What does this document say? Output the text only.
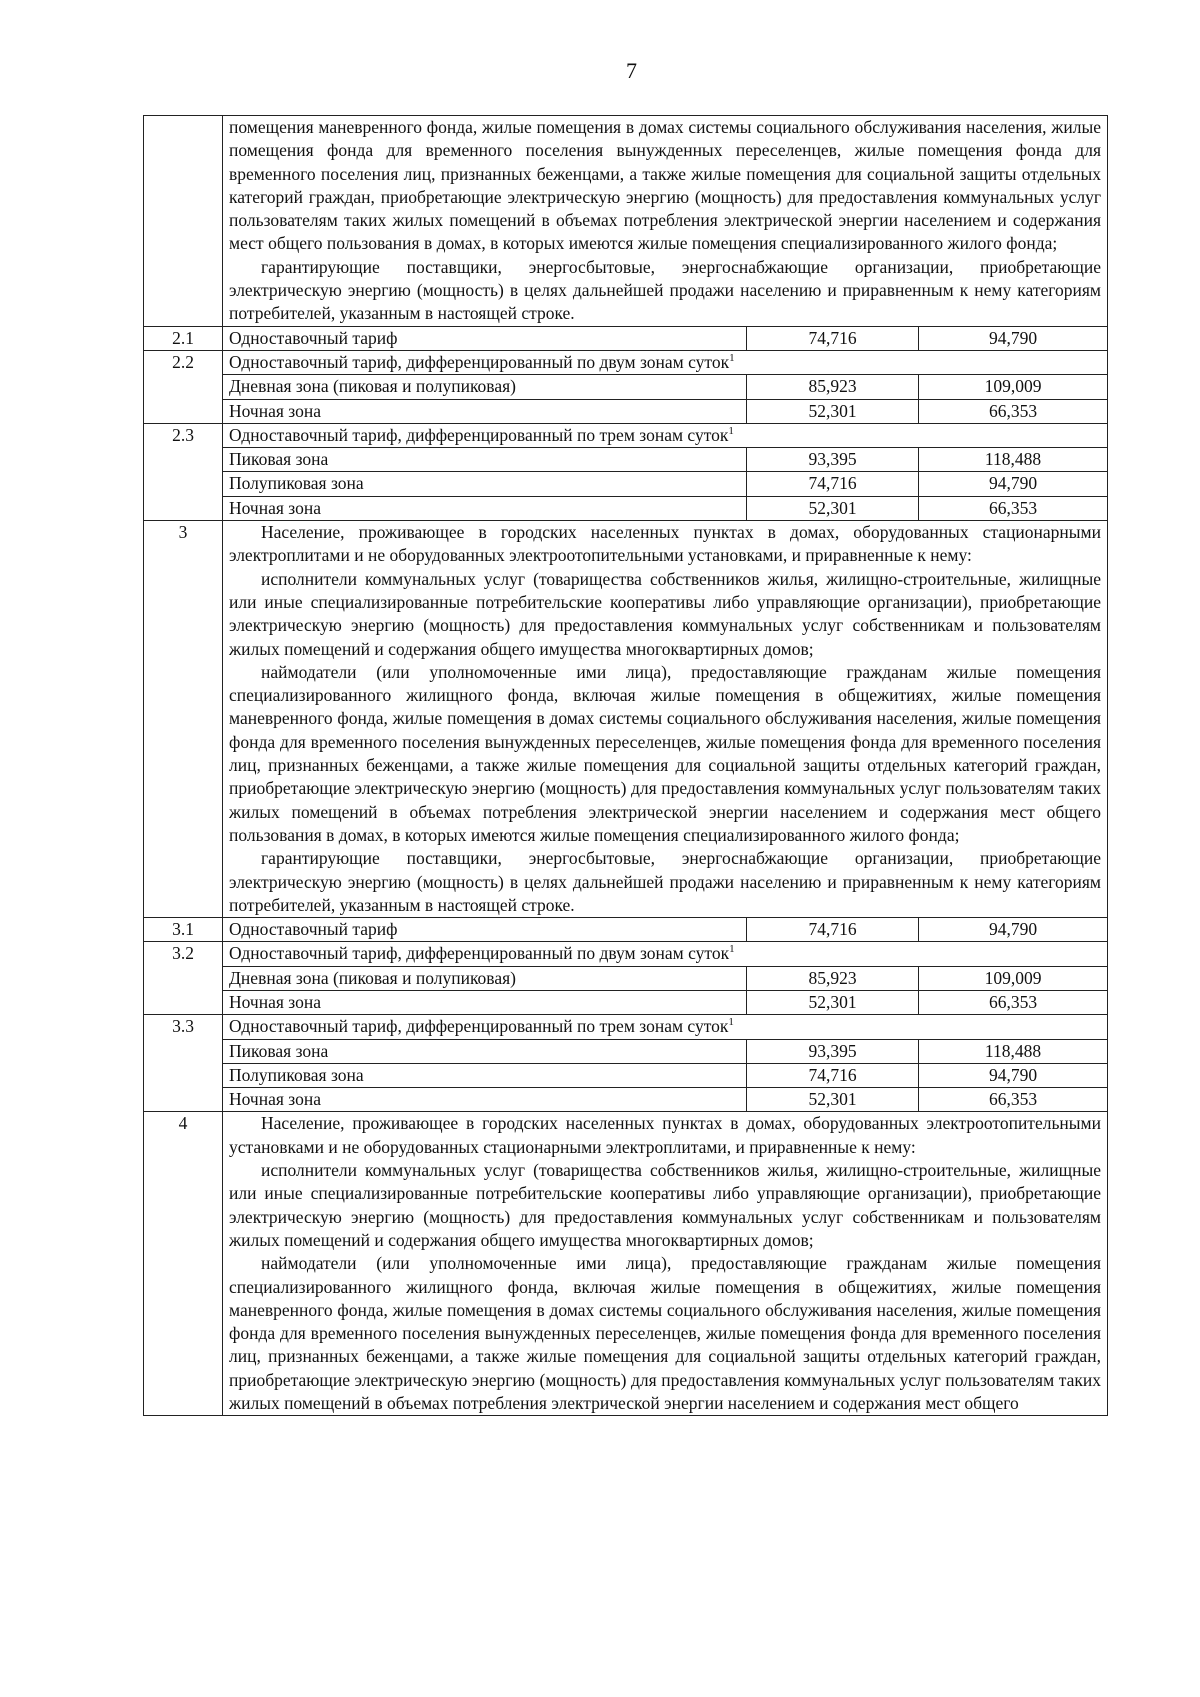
7

	помещения маневренного фонда, жилые помещения в домах системы социального обслуживания населения, жилые помещения фонда для временного поселения вынужденных переселенцев, жилые помещения фонда для временного поселения лиц, признанных беженцами, а также жилые помещения для социальной защиты отдельных категорий граждан, приобретающие электрическую энергию (мощность) для предоставления коммунальных услуг пользователям таких жилых помещений в объемах потребления электрической энергии населением и содержания мест общего пользования в домах, в которых имеются жилые помещения специализированного жилого фонда;

гарантирующие поставщики, энергосбытовые, энергоснабжающие организации, приобретающие электрическую энергию (мощность) в целях дальнейшей продажи населению и приравненным к нему категориям потребителей, указанным в настоящей строке.		

2.1	Одноставочный тариф	74,716	94,790
2.2	Одноставочный тариф, дифференцированный по двум зонам суток$^1$
	Дневная зона (пиковая и полупиковая)	85,923	109,009
	Ночная зона	52,301	66,353
2.3	Одноставочный тариф, дифференцированный по трем зонам суток$^1$
	Пиковая зона	93,395	118,488
	Полупиковая зона	74,716	94,790
	Ночная зона	52,301	66,353
3	Население, проживающее в городских населенных пунктах в домах, оборудованных стационарными электроплитами и не оборудованных электроотопительными установками, и приравненные к нему:

исполнители коммунальных услуг (товарищества собственников жилья, жилищно-строительные, жилищные или иные специализированные потребительские кооперативы либо управляющие организации), приобретающие электрическую энергию (мощность) для предоставления коммунальных услуг собственникам и пользователям жилых помещений и содержания общего имущества многоквартирных домов;

наймодатели (или уполномоченные ими лица), предоставляющие гражданам жилые помещения специализированного жилищного фонда, включая жилые помещения в общежитиях, жилые помещения маневренного фонда, жилые помещения в домах системы социального обслуживания населения, жилые помещения фонда для временного поселения вынужденных переселенцев, жилые помещения фонда для временного поселения лиц, признанных беженцами, а также жилые помещения для социальной защиты отдельных категорий граждан, приобретающие электрическую энергию (мощность) для предоставления коммунальных услуг пользователям таких жилых помещений в объемах потребления электрической энергии населением и содержания мест общего пользования в домах, в которых имеются жилые помещения специализированного жилого фонда;

гарантирующие поставщики, энергосбытовые, энергоснабжающие организации, приобретающие электрическую энергию (мощность) в целях дальнейшей продажи населению и приравненным к нему категориям потребителей, указанным в настоящей строке.		

3.1	Одноставочный тариф	74,716	94,790
3.2	Одноставочный тариф, дифференцированный по двум зонам суток$^1$
	Дневная зона (пиковая и полупиковая)	85,923	109,009
	Ночная зона	52,301	66,353
3.3	Одноставочный тариф, дифференцированный по трем зонам суток$^1$
	Пиковая зона	93,395	118,488
	Полупиковая зона	74,716	94,790
	Ночная зона	52,301	66,353
4	Население, проживающее в городских населенных пунктах в домах, оборудованных электроотопительными установками и не оборудованных стационарными электроплитами, и приравненные к нему:

исполнители коммунальных услуг (товарищества собственников жилья, жилищно-строительные, жилищные или иные специализированные потребительские кооперативы либо управляющие организации), приобретающие электрическую энергию (мощность) для предоставления коммунальных услуг собственникам и пользователям жилых помещений и содержания общего имущества многоквартирных домов;

наймодатели (или уполномоченные ими лица), предоставляющие гражданам жилые помещения специализированного жилищного фонда, включая жилые помещения в общежитиях, жилые помещения маневренного фонда, жилые помещения в домах системы социального обслуживания населения, жилые помещения фонда для временного поселения вынужденных переселенцев, жилые помещения фонда для временного поселения лиц, признанных беженцами, а также жилые помещения для социальной защиты отдельных категорий граждан, приобретающие электрическую энергию (мощность) для предоставления коммунальных услуг пользователям таких жилых помещений в объемах потребления электрической энергии населением и содержания мест общего		
